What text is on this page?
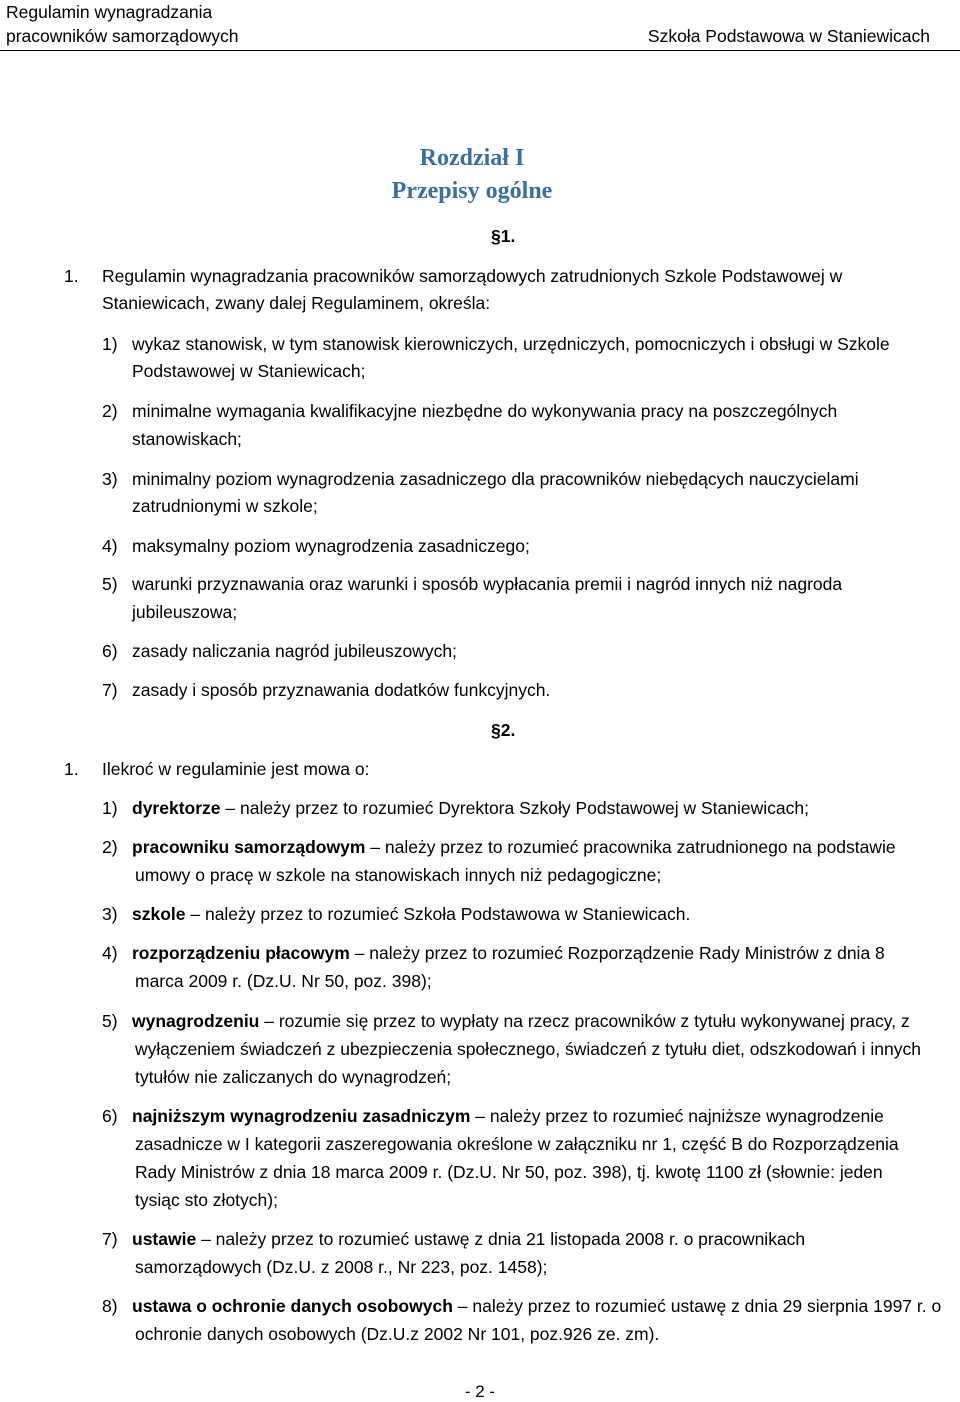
Regulamin wynagradzania
pracowników samorządowych	Szkoła Podstawowa w Staniewicach
Rozdział I
Przepisy ogólne
§1.
1. Regulamin wynagradzania pracowników samorządowych zatrudnionych Szkole Podstawowej w
Staniewicach, zwany dalej Regulaminem, określa:
1) wykaz stanowisk, w tym stanowisk kierowniczych, urzędniczych, pomocniczych i obsługi w Szkole
Podstawowej w Staniewicach;
2) minimalne wymagania kwalifikacyjne niezbędne do wykonywania pracy na poszczególnych
stanowiskach;
3) minimalny poziom wynagrodzenia zasadniczego dla pracowników niebędących nauczycielami
zatrudnionymi w szkole;
4) maksymalny poziom wynagrodzenia zasadniczego;
5) warunki przyznawania oraz warunki i sposób wypłacania premii i nagród innych niż nagroda
jubileuszowa;
6) zasady naliczania nagród jubileuszowych;
7) zasady i sposób przyznawania dodatków funkcyjnych.
§2.
1. Ilekroć w regulaminie jest mowa o:
1) dyrektorze – należy przez to rozumieć Dyrektora Szkoły Podstawowej w Staniewicach;
2) pracowniku samorządowym – należy przez to rozumieć pracownika zatrudnionego na podstawie
umowy o pracę w szkole na stanowiskach innych niż pedagogiczne;
3) szkole – należy przez to rozumieć Szkoła Podstawowa w Staniewicach.
4) rozporządzeniu płacowym – należy przez to rozumieć Rozporządzenie Rady Ministrów z dnia 8
marca 2009 r. (Dz.U. Nr 50, poz. 398);
5) wynagrodzeniu – rozumie się przez to wypłaty na rzecz pracowników z tytułu wykonywanej pracy, z
wyłączeniem świadczeń z ubezpieczenia społecznego, świadczeń z tytułu diet, odszkodowań i innych
tytułów nie zaliczanych do wynagrodzeń;
6) najniższym wynagrodzeniu zasadniczym – należy przez to rozumieć najniższe wynagrodzenie
zasadnicze w I kategorii zaszeregowania określone w załączniku nr 1, część B do Rozporządzenia
Rady Ministrów z dnia 18 marca 2009 r. (Dz.U. Nr 50, poz. 398), tj. kwotę 1100 zł (słownie: jeden
tysiąc sto złotych);
7) ustawie – należy przez to rozumieć ustawę z dnia 21 listopada 2008 r. o pracownikach
samorządowych (Dz.U. z 2008 r., Nr 223, poz. 1458);
8) ustawa o ochronie danych osobowych – należy przez to rozumieć ustawę z dnia 29 sierpnia 1997 r. o
ochronie danych osobowych (Dz.U.z 2002 Nr 101, poz.926 ze. zm).
- 2 -
